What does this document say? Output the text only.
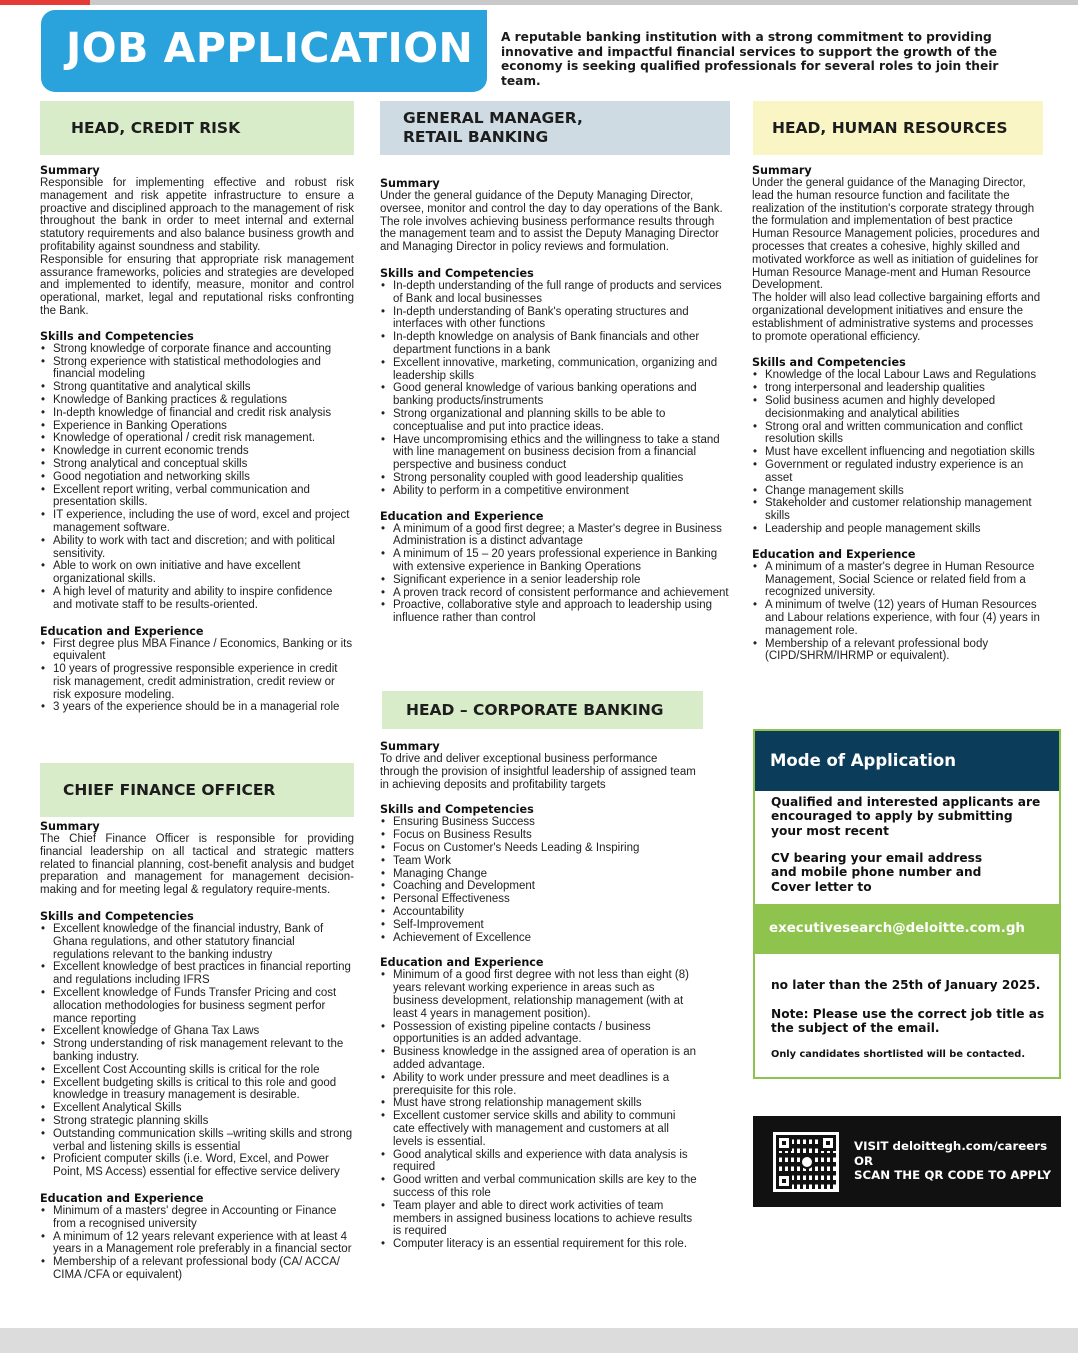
JOB APPLICATION A reputable banking institution with a strong commitment to providing innovative and impactful financial services to support the growth of the economy is seeking qualified professionals for several roles to join their team.
HEAD, CREDIT RISK
Summary

Responsible for implementing effective and robust risk management and risk appetite infrastructure to ensure a proactive and disciplined approach to the management of risk throughout the bank in order to meet internal and external statutory requirements and also balance business growth and profitability against soundness and stability.

Responsible for ensuring that appropriate risk management assurance frameworks, policies and strategies are developed and implemented to identify, measure, monitor and control operational, market, legal and reputational risks confronting the Bank.

Skills and Competencies
• Strong knowledge of corporate finance and accounting
• Strong experience with statistical methodologies and financial modeling
• Strong quantitative and analytical skills
• Knowledge of Banking practices & regulations
• In-depth knowledge of financial and credit risk analysis
• Experience in Banking Operations
• Knowledge of operational / credit risk management.
• Knowledge in current economic trends
• Strong analytical and conceptual skills
• Good negotiation and networking skills
• Excellent report writing, verbal communication and presentation skills.
• IT experience, including the use of word, excel and project management software.
• Ability to work with tact and discretion; and with political sensitivity.
• Able to work on own initiative and have excellent organizational skills.
• A high level of maturity and ability to inspire confidence and motivate staff to be results-oriented.
Education and Experience
• First degree plus MBA Finance / Economics, Banking or its equivalent
• 10 years of progressive responsible experience in credit risk management, credit administration, credit review or risk exposure modeling.
• 3 years of the experience should be in a managerial role
CHIEF FINANCE OFFICER
Summary

The Chief Finance Officer is responsible for providing financial leadership on all tactical and strategic matters related to financial planning, cost-benefit analysis and budget preparation and management for management decision-making and for meeting legal & regulatory require-ments.

Skills and Competencies
• Excellent knowledge of the financial industry, Bank of Ghana regulations, and other statutory financial regulations relevant to the banking industry
• Excellent knowledge of best practices in financial reporting and regulations including IFRS
• Excellent knowledge of Funds Transfer Pricing and cost allocation methodologies for business segment perfor mance reporting
• Excellent knowledge of Ghana Tax Laws
• Strong understanding of risk management relevant to the banking industry.
• Excellent Cost Accounting skills is critical for the role
• Excellent budgeting skills is critical to this role and good knowledge in treasury management is desirable.
• Excellent Analytical Skills
• Strong strategic planning skills
• Outstanding communication skills –writing skills and strong verbal and listening skills is essential
• Proficient computer skills (i.e. Word, Excel, and Power Point, MS Access) essential for effective service delivery
Education and Experience
• Minimum of a masters' degree in Accounting or Finance from a recognised university
• A minimum of 12 years relevant experience with at least 4 years in a Management role preferably in a financial sector
• Membership of a relevant professional body (CA/ ACCA/ CIMA /CFA or equivalent)
GENERAL MANAGER,
RETAIL BANKING
Summary

Under the general guidance of the Deputy Managing Director, oversee, monitor and control the day to day operations of the Bank. The role involves achieving business performance results through the management team and to assist the Deputy Managing Director and Managing Director in policy reviews and formulation.

Skills and Competencies
• In-depth understanding of the full range of products and services of Bank and local businesses
• In-depth understanding of Bank's operating structures and interfaces with other functions
• In-depth knowledge on analysis of Bank financials and other department functions in a bank
• Excellent innovative, marketing, communication, organizing and leadership skills
• Good general knowledge of various banking operations and banking products/instruments
• Strong organizational and planning skills to be able to conceptualise and put into practice ideas.
• Have uncompromising ethics and the willingness to take a stand with line management on business decision from a financial perspective and business conduct
• Strong personality coupled with good leadership qualities
• Ability to perform in a competitive environment
Education and Experience
• A minimum of a good first degree; a Master's degree in Business Administration is a distinct advantage
• A minimum of 15 – 20 years professional experience in Banking with extensive experience in Banking Operations
• Significant experience in a senior leadership role
• A proven track record of consistent performance and achievement
• Proactive, collaborative style and approach to leadership using influence rather than control
HEAD – CORPORATE BANKING
Summary

To drive and deliver exceptional business performance through the provision of insightful leadership of assigned team in achieving deposits and profitability targets

Skills and Competencies
• Ensuring Business Success
• Focus on Business Results
• Focus on Customer's Needs Leading & Inspiring
• Team Work
• Managing Change
• Coaching and Development
• Personal Effectiveness
• Accountability
• Self-Improvement
• Achievement of Excellence
Education and Experience
• Minimum of a good first degree with not less than eight (8) years relevant working experience in areas such as business development, relationship management (with at least 4 years in management position).
• Possession of existing pipeline contacts / business opportunities is an added advantage.
• Business knowledge in the assigned area of operation is an added advantage.
• Ability to work under pressure and meet deadlines is a prerequisite for this role.
• Must have strong relationship management skills
• Excellent customer service skills and ability to communi cate effectively with management and customers at all levels is essential.
• Good analytical skills and experience with data analysis is required
• Good written and verbal communication skills are key to the success of this role
• Team player and able to direct work activities of team members in assigned business locations to achieve results is required
• Computer literacy is an essential requirement for this role.
HEAD, HUMAN RESOURCES
Summary

Under the general guidance of the Managing Director, lead the human resource function and facilitate the realization of the institution's corporate strategy through the formulation and implementation of best practice Human Resource Management policies, procedures and processes that creates a cohesive, highly skilled and motivated workforce as well as initiation of guidelines for Human Resource Manage-ment and Human Resource Development.

The holder will also lead collective bargaining efforts and organizational development initiatives and ensure the establishment of administrative systems and processes to promote operational efficiency.

Skills and Competencies
• Knowledge of the local Labour Laws and Regulations
• trong interpersonal and leadership qualities
• Solid business acumen and highly developed decisionmaking and analytical abilities
• Strong oral and written communication and conflict resolution skills
• Must have excellent influencing and negotiation skills
• Government or regulated industry experience is an asset
• Change management skills
• Stakeholder and customer relationship management skills
• Leadership and people management skills
Education and Experience
• A minimum of a master's degree in Human Resource Management, Social Science or related field from a recognized university.
• A minimum of twelve (12) years of Human Resources and Labour relations experience, with four (4) years in management role.
• Membership of a relevant professional body (CIPD/SHRM/IHRMP or equivalent).
Mode of Application
Qualified and interested applicants are encouraged to apply by submitting your most recent
CV bearing your email address and mobile phone number and Cover letter to
executivesearch@deloitte.com.gh
no later than the 25th of January 2025.
Note: Please use the correct job title as the subject of the email.
Only candidates shortlisted will be contacted.
VISIT deloittegh.com/careers
OR
SCAN THE QR CODE TO APPLY
